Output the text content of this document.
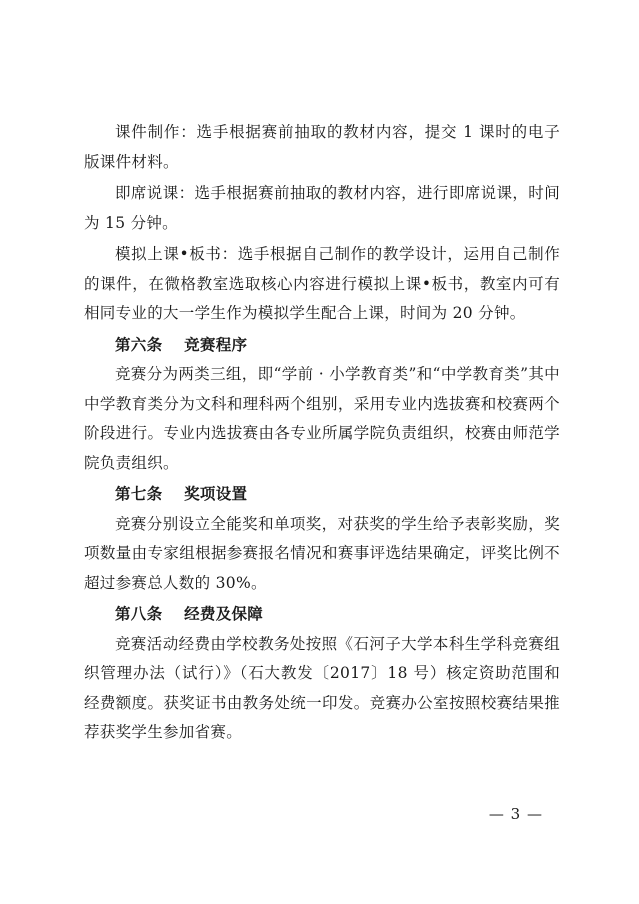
课件制作：选手根据赛前抽取的教材内容，提交 1 课时的电子版课件材料。

即席说课：选手根据赛前抽取的教材内容，进行即席说课，时间为 15 分钟。

模拟上课•板书：选手根据自己制作的教学设计，运用自己制作的课件，在微格教室选取核心内容进行模拟上课•板书，教室内可有相同专业的大一学生作为模拟学生配合上课，时间为 20 分钟。

第六条 竞赛程序

竞赛分为两类三组，即“学前 · 小学教育类”和“中学教育类”其中中学教育类分为文科和理科两个组别，采用专业内选拔赛和校赛两个阶段进行。专业内选拔赛由各专业所属学院负责组织，校赛由师范学院负责组织。

第七条 奖项设置

竞赛分别设立全能奖和单项奖，对获奖的学生给予表彰奖励，奖项数量由专家组根据参赛报名情况和赛事评选结果确定，评奖比例不超过参赛总人数的 30%。

第八条 经费及保障

竞赛活动经费由学校教务处按照《石河子大学本科生学科竞赛组织管理办法（试行）》（石大教发〔2017〕18 号）核定资助范围和经费额度。获奖证书由教务处统一印发。竞赛办公室按照校赛结果推荐获奖学生参加省赛。

— 3 —
